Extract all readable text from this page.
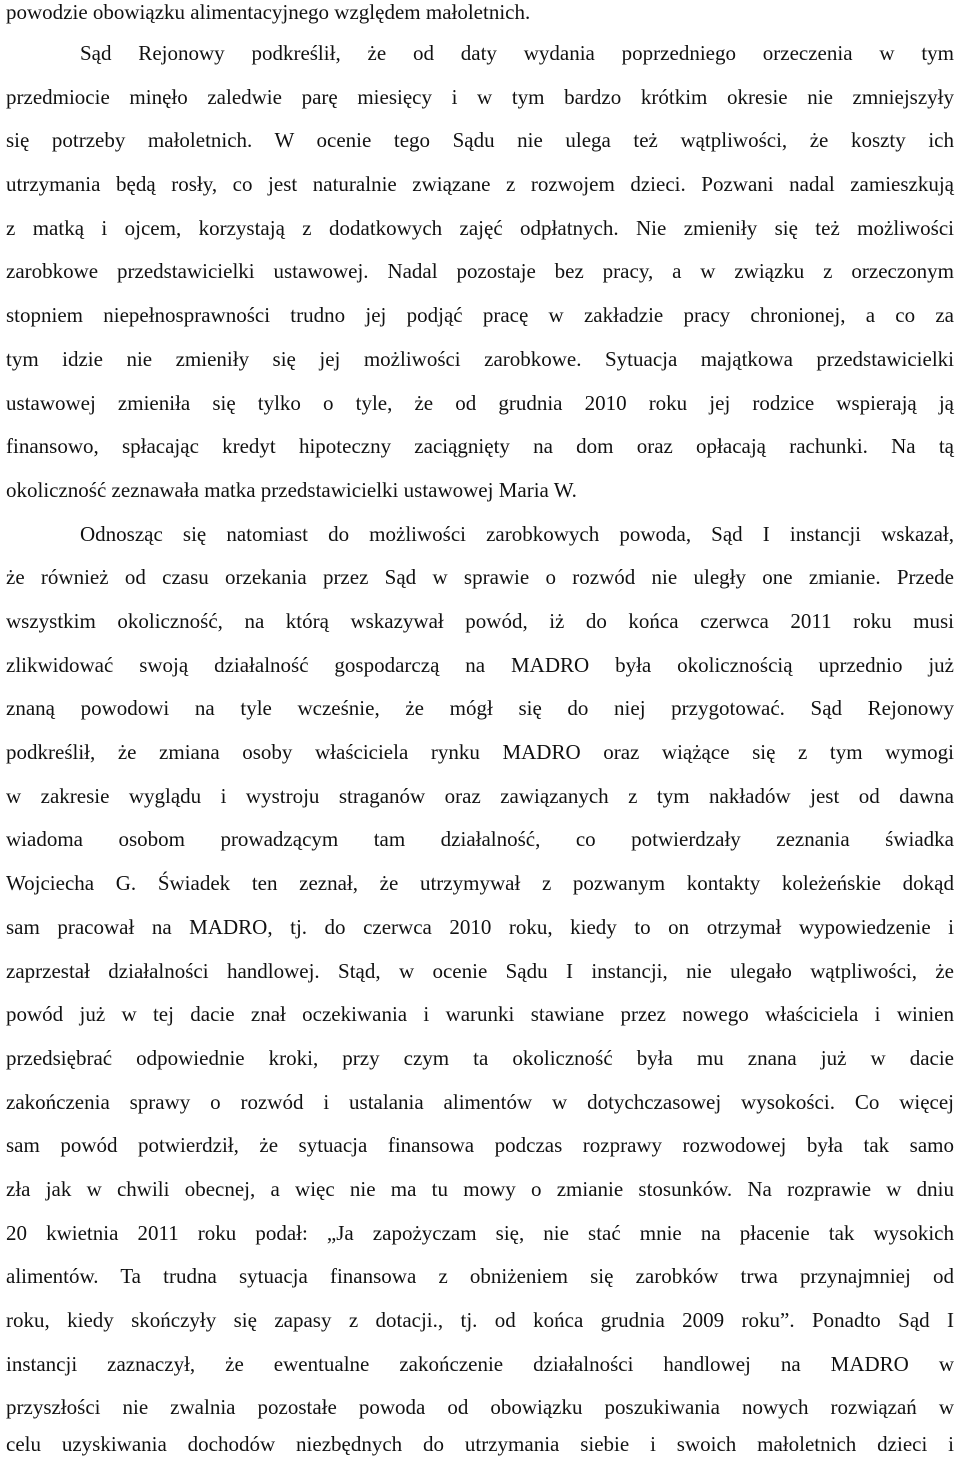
powodzie obowiązku alimentacyjnego względem małoletnich.
Sąd Rejonowy podkreślił, że od daty wydania poprzedniego orzeczenia w tym
przedmiocie minęło zaledwie parę miesięcy i w tym bardzo krótkim okresie nie zmniejszyły
się potrzeby małoletnich. W ocenie tego Sądu nie ulega też wątpliwości, że koszty ich
utrzymania będą rosły, co jest naturalnie związane z rozwojem dzieci. Pozwani nadal zamieszkują
z matką i ojcem, korzystają z dodatkowych zajęć odpłatnych. Nie zmieniły się też możliwości
zarobkowe przedstawicielki ustawowej. Nadal pozostaje bez pracy, a w związku z orzeczonym
stopniem niepełnosprawności trudno jej podjąć pracę w zakładzie pracy chronionej, a co za
tym idzie nie zmieniły się jej możliwości zarobkowe. Sytuacja majątkowa przedstawicielki
ustawowej zmieniła się tylko o tyle, że od grudnia 2010 roku jej rodzice wspierają ją
finansowo, spłacając kredyt hipoteczny zaciągnięty na dom oraz opłacają rachunki. Na tą
okoliczność zeznawała matka przedstawicielki ustawowej Maria W.
Odnosząc się natomiast do możliwości zarobkowych powoda, Sąd I instancji wskazał,
że również od czasu orzekania przez Sąd w sprawie o rozwód nie uległy one zmianie. Przede
wszystkim okoliczność, na którą wskazywał powód, iż do końca czerwca 2011 roku musi
zlikwidować swoją działalność gospodarczą na MADRO była okolicznością uprzednio już
znaną powodowi na tyle wcześnie, że mógł się do niej przygotować. Sąd Rejonowy
podkreślił, że zmiana osoby właściciela rynku MADRO oraz wiążące się z tym wymogi
w zakresie wyglądu i wystroju straganów oraz zawiązanych z tym nakładów jest od dawna
wiadoma osobom prowadzącym tam działalność, co potwierdzały zeznania świadka
Wojciecha G. Świadek ten zeznał, że utrzymywał z pozwanym kontakty koleżeńskie dokąd
sam pracował na MADRO, tj. do czerwca 2010 roku, kiedy to on otrzymał wypowiedzenie i
zaprzestał działalności handlowej. Stąd, w ocenie Sądu I instancji, nie ulegało wątpliwości, że
powód już w tej dacie znał oczekiwania i warunki stawiane przez nowego właściciela i winien
przedsiębrać odpowiednie kroki, przy czym ta okoliczność była mu znana już w dacie
zakończenia sprawy o rozwód i ustalania alimentów w dotychczasowej wysokości. Co więcej
sam powód potwierdził, że sytuacja finansowa podczas rozprawy rozwodowej była tak samo
zła jak w chwili obecnej, a więc nie ma tu mowy o zmianie stosunków. Na rozprawie w dniu
20 kwietnia 2011 roku podał: „Ja zapożyczam się, nie stać mnie na płacenie tak wysokich
alimentów. Ta trudna sytuacja finansowa z obniżeniem się zarobków trwa przynajmniej od
roku, kiedy skończyły się zapasy z dotacji., tj. od końca grudnia 2009 roku”. Ponadto Sąd I
instancji zaznaczył, że ewentualne zakończenie działalności handlowej na MADRO w
przyszłości nie zwalnia pozostałe powoda od obowiązku poszukiwania nowych rozwiązań w
celu uzyskiwania dochodów niezbędnych do utrzymania siebie i swoich małoletnich dzieci i
